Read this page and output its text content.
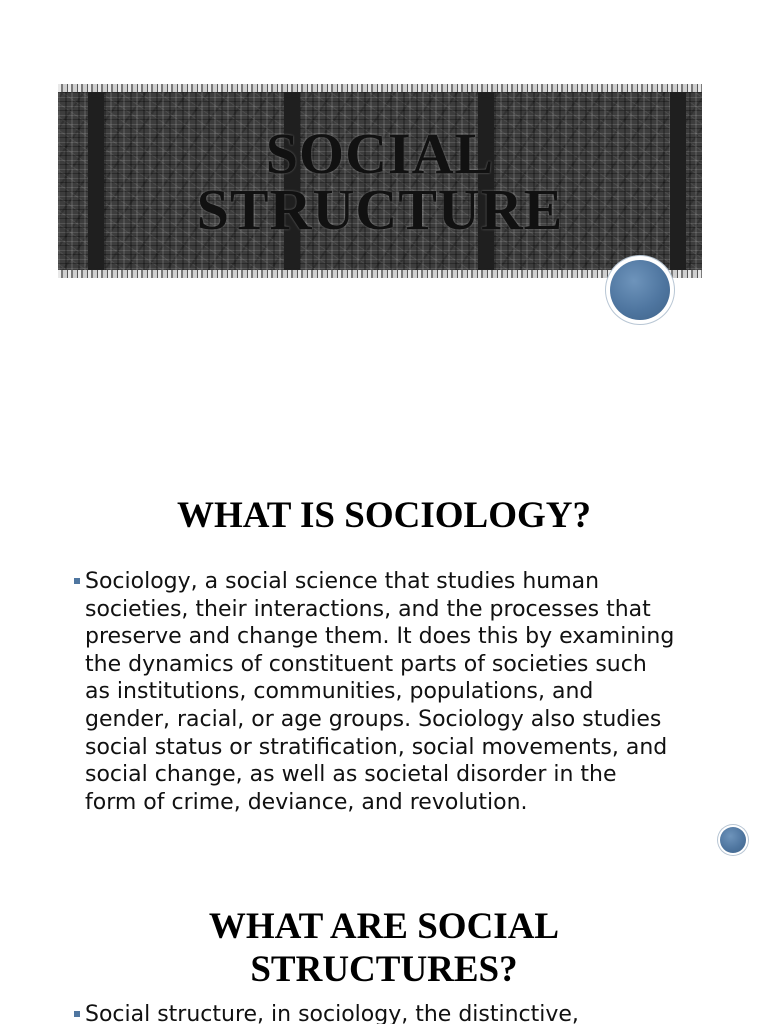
SOCIAL
STRUCTURE
WHAT IS SOCIOLOGY?
Sociology, a social science that studies human
societies, their interactions, and the processes that
preserve and change them. It does this by examining
the dynamics of constituent parts of societies such
as institutions, communities, populations, and
gender, racial, or age groups. Sociology also studies
social status or stratification, social movements, and
social change, as well as societal disorder in the
form of crime, deviance, and revolution.
WHAT ARE SOCIAL
STRUCTURES?
Social structure, in sociology, the distinctive,
